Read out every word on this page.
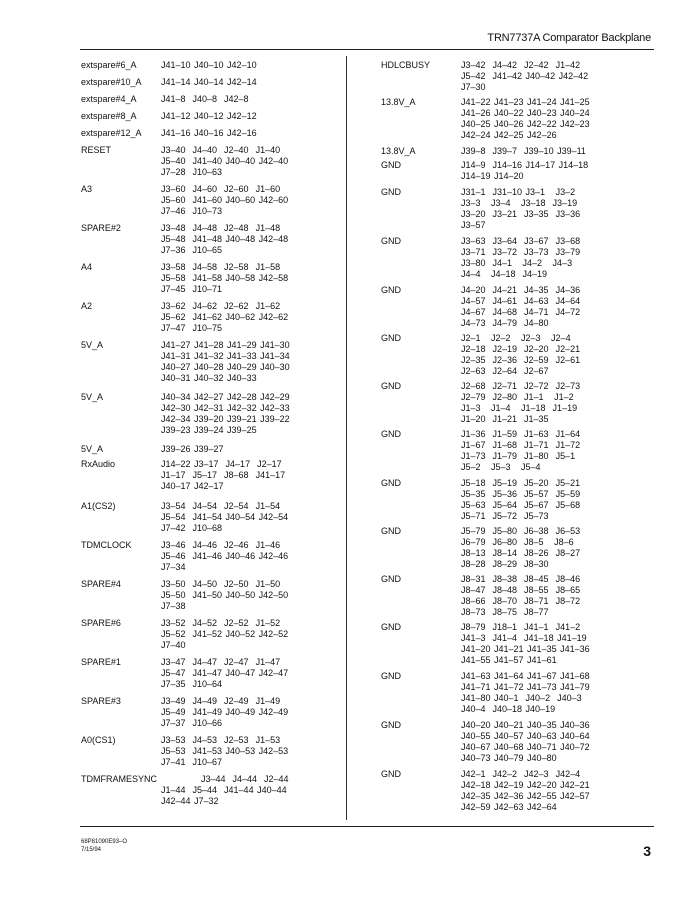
TRN7737A Comparator Backplane
extspare#6_A	J41–10 J40–10 J42–10
extspare#10_A	J41–14 J40–14 J42–14
extspare#4_A	J41–8  J40–8  J42–8
extspare#8_A	J41–12 J40–12 J42–12
extspare#12_A	J41–16 J40–16 J42–16
RESET	J3–40  J4–40  J2–40  J1–40
J5–40  J41–40 J40–40 J42–40
J7–28  J10–63
A3	J3–60  J4–60  J2–60  J1–60
J5–60  J41–60 J40–60 J42–60
J7–46  J10–73
SPARE#2	J3–48  J4–48  J2–48  J1–48
J5–48  J41–48 J40–48 J42–48
J7–36  J10–65
A4	J3–58  J4–58  J2–58  J1–58
J5–58  J41–58 J40–58 J42–58
J7–45  J10–71
A2	J3–62  J4–62  J2–62  J1–62
J5–62  J41–62 J40–62 J42–62
J7–47  J10–75
5V_A	J41–27 J41–28 J41–29 J41–30
J41–31 J41–32 J41–33 J41–34
J40–27 J40–28 J40–29 J40–30
J40–31 J40–32 J40–33
5V_A	J40–34 J42–27 J42–28 J42–29
J42–30 J42–31 J42–32 J42–33
J42–34 J39–20 J39–21 J39–22
J39–23 J39–24 J39–25
5V_A	J39–26 J39–27
RxAudio	J14–22 J3–17  J4–17  J2–17
J1–17  J5–17  J8–68  J41–17
J40–17 J42–17
A1(CS2)	J3–54  J4–54  J2–54  J1–54
J5–54  J41–54 J40–54 J42–54
J7–42  J10–68
TDMCLOCK	J3–46  J4–46  J2–46  J1–46
J5–46  J41–46 J40–46 J42–46
J7–34
SPARE#4	J3–50  J4–50  J2–50  J1–50
J5–50  J41–50 J40–50 J42–50
J7–38
SPARE#6	J3–52  J4–52  J2–52  J1–52
J5–52  J41–52 J40–52 J42–52
J7–40
SPARE#1	J3–47  J4–47  J2–47  J1–47
J5–47  J41–47 J40–47 J42–47
J7–35  J10–64
SPARE#3	J3–49  J4–49  J2–49  J1–49
J5–49  J41–49 J40–49 J42–49
J7–37  J10–66
A0(CS1)	J3–53  J4–53  J2–53  J1–53
J5–53  J41–53 J40–53 J42–53
J7–41  J10–67
TDMFRAMESYNC	J3–44  J4–44  J2–44
J1–44  J5–44  J41–44 J40–44
J42–44 J7–32
HDLCBUSY	J3–42  J4–42  J2–42  J1–42
J5–42  J41–42 J40–42 J42–42
J7–30
13.8V_A	J41–22 J41–23 J41–24 J41–25
J41–26 J40–22 J40–23 J40–24
J40–25 J40–26 J42–22 J42–23
J42–24 J42–25 J42–26
13.8V_A	J39–8  J39–7  J39–10 J39–11
GND	J14–9  J14–16 J14–17 J14–18
J14–19 J14–20
GND	J31–1  J31–10 J3–1   J3–2
J3–3   J3–4   J3–18  J3–19
J3–20  J3–21  J3–35  J3–36
J3–57
GND	J3–63  J3–64  J3–67  J3–68
J3–71  J3–72  J3–73  J3–79
J3–80  J4–1   J4–2   J4–3
J4–4   J4–18  J4–19
GND	J4–20  J4–21  J4–35  J4–36
J4–57  J4–61  J4–63  J4–64
J4–67  J4–68  J4–71  J4–72
J4–73  J4–79  J4–80
GND	J2–1   J2–2   J2–3   J2–4
J2–18  J2–19  J2–20  J2–21
J2–35  J2–36  J2–59  J2–61
J2–63  J2–64  J2–67
GND	J2–68  J2–71  J2–72  J2–73
J2–79  J2–80  J1–1   J1–2
J1–3   J1–4   J1–18  J1–19
J1–20  J1–21  J1–35
GND	J1–36  J1–59  J1–63  J1–64
J1–67  J1–68  J1–71  J1–72
J1–73  J1–79  J1–80  J5–1
J5–2   J5–3   J5–4
GND	J5–18  J5–19  J5–20  J5–21
J5–35  J5–36  J5–57  J5–59
J5–63  J5–64  J5–67  J5–68
J5–71  J5–72  J5–73
GND	J5–79  J5–80  J6–38  J6–53
J6–79  J6–80  J8–5   J8–6
J8–13  J8–14  J8–26  J8–27
J8–28  J8–29  J8–30
GND	J8–31  J8–38  J8–45  J8–46
J8–47  J8–48  J8–55  J8–65
J8–66  J8–70  J8–71  J8–72
J8–73  J8–75  J8–77
GND	J8–79  J18–1  J41–1  J41–2
J41–3  J41–4  J41–18 J41–19
J41–20 J41–21 J41–35 J41–36
J41–55 J41–57 J41–61
GND	J41–63 J41–64 J41–67 J41–68
J41–71 J41–72 J41–73 J41–79
J41–80 J40–1  J40–2  J40–3
J40–4  J40–18 J40–19
GND	J40–20 J40–21 J40–35 J40–36
J40–55 J40–57 J40–63 J40–64
J40–67 J40–68 J40–71 J40–72
J40–73 J40–79 J40–80
GND	J42–1  J42–2  J42–3  J42–4
J42–18 J42–19 J42–20 J42–21
J42–35 J42–36 J42–55 J42–57
J42–59 J42–63 J42–64
68P81090E93–O
7/15/94	3
